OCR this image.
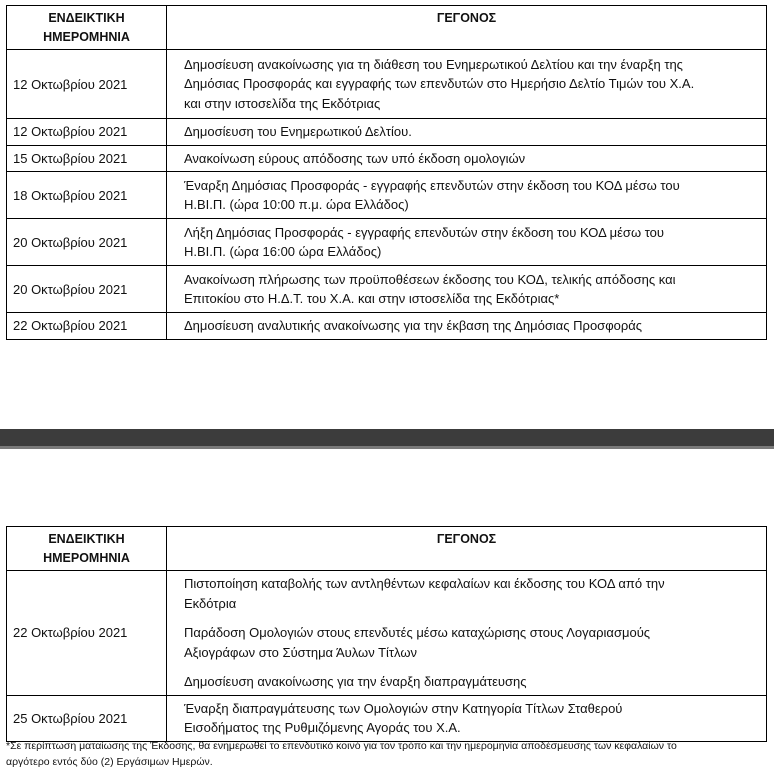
ΕΝΔΕΙΚΤΙΚΗ
ΗΜΕΡΟΜΗΝΙΑ	ΓΕΓΟΝΟΣ
12 Οκτωβρίου 2021	Δημοσίευση ανακοίνωσης για τη διάθεση του Ενημερωτικού Δελτίου και την έναρξη της
Δημόσιας Προσφοράς και εγγραφής των επενδυτών στο Ημερήσιο Δελτίο Τιμών του Χ.Α.
και στην ιστοσελίδα της Εκδότριας

12 Οκτωβρίου 2021	Δημοσίευση του Ενημερωτικού Δελτίου.

15 Οκτωβρίου 2021	Ανακοίνωση εύρους απόδοσης των υπό έκδοση ομολογιών

18 Οκτωβρίου 2021	Έναρξη Δημόσιας Προσφοράς - εγγραφής επενδυτών στην έκδοση του ΚΟΔ μέσω του
Η.ΒΙ.Π. (ώρα 10:00 π.μ. ώρα Ελλάδος)

20 Οκτωβρίου 2021	Λήξη Δημόσιας Προσφοράς - εγγραφής επενδυτών στην έκδοση του ΚΟΔ μέσω του
Η.ΒΙ.Π. (ώρα 16:00 ώρα Ελλάδος)

20 Οκτωβρίου 2021	Ανακοίνωση πλήρωσης των προϋποθέσεων έκδοσης του ΚΟΔ, τελικής απόδοσης και
Επιτοκίου στο Η.Δ.Τ. του Χ.Α. και στην ιστοσελίδα της Εκδότριας*

22 Οκτωβρίου 2021	Δημοσίευση αναλυτικής ανακοίνωσης για την έκβαση της Δημόσιας Προσφοράς
ΕΝΔΕΙΚΤΙΚΗ
ΗΜΕΡΟΜΗΝΙΑ	ΓΕΓΟΝΟΣ
22 Οκτωβρίου 2021	Πιστοποίηση καταβολής των αντληθέντων κεφαλαίων και έκδοσης του ΚΟΔ από την
Εκδότρια
Παράδοση Ομολογιών στους επενδυτές μέσω καταχώρισης στους Λογαριασμούς
Αξιογράφων στο Σύστημα Άυλων Τίτλων
Δημοσίευση ανακοίνωσης για την έναρξη διαπραγμάτευσης

25 Οκτωβρίου 2021	Έναρξη διαπραγμάτευσης των Ομολογιών στην Κατηγορία Τίτλων Σταθερού
Εισοδήματος της Ρυθμιζόμενης Αγοράς του Χ.Α.
*Σε περίπτωση ματαίωσης της Έκδοσης, θα ενημερωθεί το επενδυτικό κοινό για τον τρόπο και την ημερομηνία αποδέσμευσης των κεφαλαίων το
αργότερο εντός δύο (2) Εργάσιμων Ημερών.
